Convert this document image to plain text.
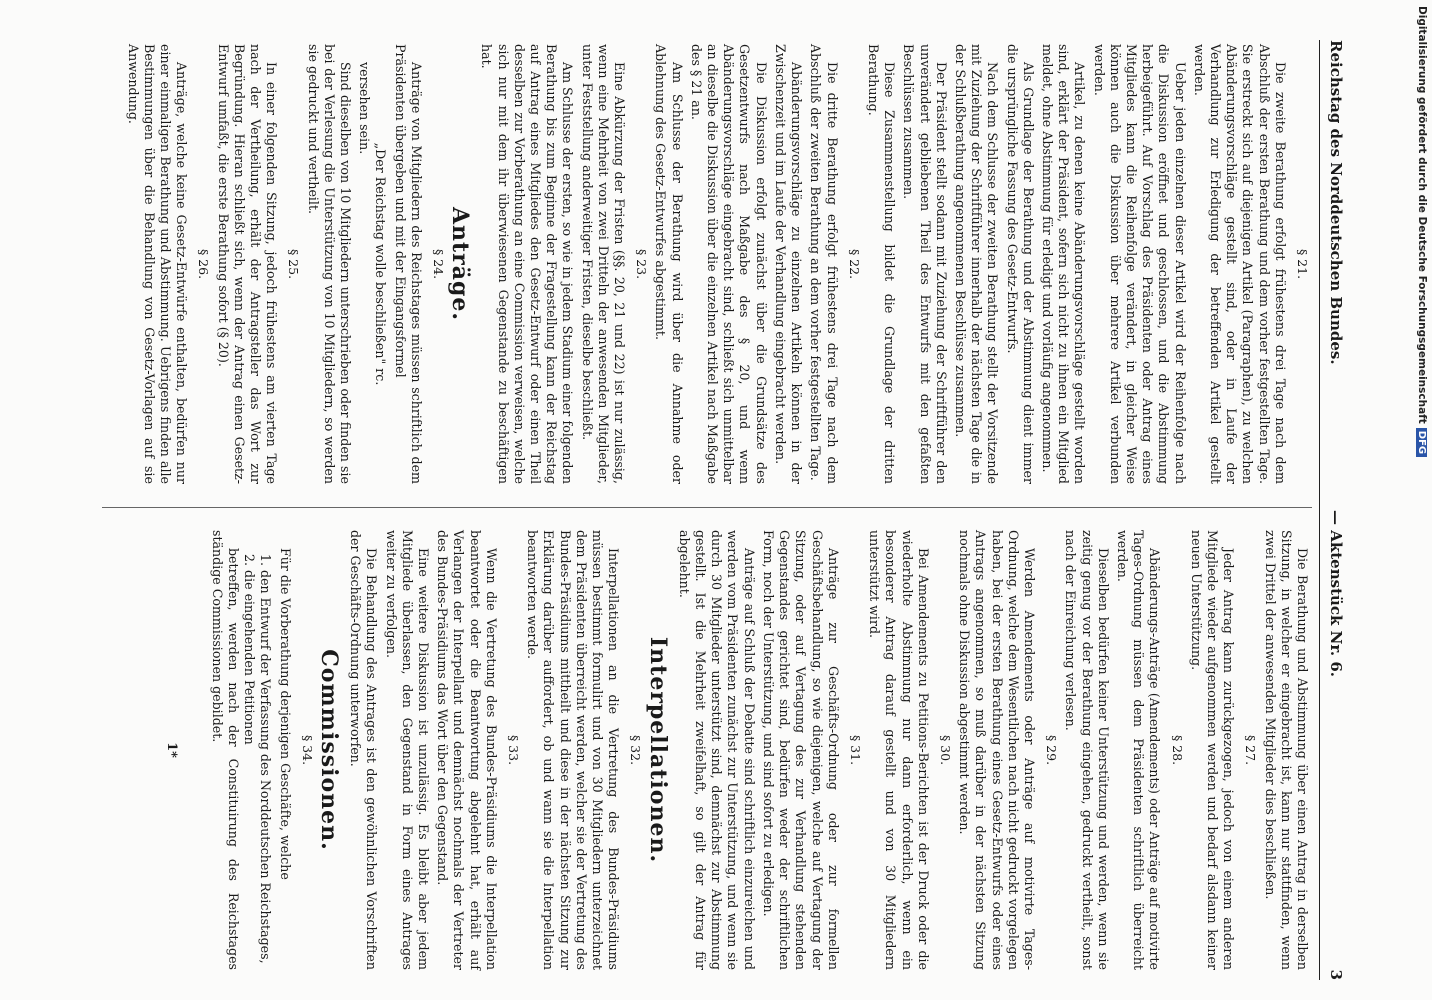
Reichstag des Norddeutschen Bundes.
— Aktenstück Nr. 6.
3
§ 21.
Die zweite Berathung erfolgt frühestens drei Tage nach dem Abschluß der ersten Berathung und dem vorher festgestellten Tage. Sie erstreckt sich auf diejenigen Artikel (Paragraphen), zu welchen Abänderungsvorschläge gestellt sind, oder in Laufe der Verhandlung zur Erledigung der betreffenden Artikel gestellt werden.
Ueber jeden einzelnen dieser Artikel wird der Reihenfolge nach die Diskussion eröffnet und geschlossen, und die Abstimmung herbeigeführt. Auf Vorschlag des Präsidenten oder Antrag eines Mitgliedes kann die Reihenfolge verändert, in gleicher Weise können auch die Diskussion über mehrere Artikel verbunden werden.
Artikel, zu denen keine Abänderungsvorschläge gestellt worden sind, erklärt der Präsident, sofern sich nicht zu ihnen ein Mitglied meldet, ohne Abstimmung für erledigt und vorläufig angenommen.
Als Grundlage der Berathung und der Abstimmung dient immer die ursprüngliche Fassung des Gesetz-Entwurfs.
Nach dem Schlusse der zweiten Berathung stellt der Vorsitzende mit Zuziehung der Schriftführer innerhalb der nächsten Tage die in der Schlußberathung angenommenen Beschlüsse zusammen.
Der Präsident stellt sodann mit Zuziehung der Schriftführer den unverändert gebliebenen Theil des Entwurfs mit den gefaßten Beschlüssen zusammen.
Diese Zusammenstellung bildet die Grundlage der dritten Berathung.
§ 22.
Die dritte Berathung erfolgt frühestens drei Tage nach dem Abschluß der zweiten Berathung an dem vorher festgestellten Tage.
Abänderungsvorschläge zu einzelnen Artikeln können in der Zwischenzeit und im Laufe der Verhandlung eingebracht werden.
Die Diskussion erfolgt zunächst über die Grundsätze des Gesetzentwurfs nach Maßgabe des § 20, und wenn Abänderungsvorschläge eingebracht sind, schließt sich unmittelbar an dieselbe die Diskussion über die einzelnen Artikel nach Maßgabe des § 21 an.
Am Schlusse der Berathung wird über die Annahme oder Ablehnung des Gesetz-Entwurfes abgestimmt.
§ 23.
Eine Abkürzung der Fristen (§§. 20, 21 und 22) ist nur zulässig, wenn eine Mehrheit von zwei Dritteln der anwesenden Mitglieder, unter Feststellung anderweitiger Fristen, dieselbe beschließt.
Am Schlusse der ersten, so wie in jedem Stadium einer folgenden Berathung bis zum Beginne der Fragestellung kann der Reichstag auf Antrag eines Mitgliedes den Gesetz-Entwurf oder einen Theil desselben zur Vorberathung an eine Commission verweisen, welche sich nur mit dem ihr überwiesenen Gegenstande zu beschäftigen hat.
Anträge.
§ 24.
Anträge von Mitgliedern des Reichstages müssen schriftlich dem Präsidenten übergeben und mit der Eingangsformel
„Der Reichstag wolle beschließen" rc.
versehen sein.
Sind dieselben von 10 Mitgliedern unterschrieben oder finden sie bei der Verlesung die Unterstützung von 10 Mitgliedern, so werden sie gedruckt und vertheilt.
§ 25.
In einer folgenden Sitzung, jedoch frühestens am vierten Tage nach der Vertheilung, erhält der Antragsteller das Wort zur Begründung. Hieran schließt sich, wenn der Antrag einen Gesetz-Entwurf umfaßt, die erste Berathung sofort (§ 20).
§ 26.
Anträge, welche keine Gesetz-Entwürfe enthalten, bedürfen nur einer einmaligen Berathung und Abstimmung. Uebrigens finden alle Bestimmungen über die Behandlung von Gesetz-Vorlagen auf sie Anwendung.
Die Berathung und Abstimmung über einen Antrag in derselben Sitzung, in welcher er eingebracht ist, kann nur stattfinden, wenn zwei Drittel der anwesenden Mitglieder dies beschließen.
§ 27.
Jeder Antrag kann zurückgezogen, jedoch von einem anderen Mitgliede wieder aufgenommen werden und bedarf alsdann keiner neuen Unterstützung.
§ 28.
Abänderungs-Anträge (Amendements) oder Anträge auf motivirte Tages-Ordnung müssen dem Präsidenten schriftlich überreicht werden.
Dieselben bedürfen keiner Unterstützung und werden, wenn sie zeitig genug vor der Berathung eingehen, gedruckt vertheilt, sonst nach der Einreichung verlesen.
§ 29.
Werden Amendements oder Anträge auf motivirte Tages-Ordnung, welche dem Wesentlichen nach nicht gedruckt vorgelegen haben, bei der ersten Berathung eines Gesetz-Entwurfs oder eines Antrags angenommen, so muß darüber in der nächsten Sitzung nochmals ohne Diskussion abgestimmt werden.
§ 30.
Bei Amendements zu Petitions-Berichten ist der Druck oder die wiederholte Abstimmung nur dann erforderlich, wenn ein besonderer Antrag darauf gestellt und von 30 Mitgliedern unterstützt wird.
§ 31.
Anträge zur Geschäfts-Ordnung oder zur formellen Geschäftsbehandlung, so wie diejenigen, welche auf Vertagung der Sitzung, oder auf Vertagung des zur Verhandlung stehenden Gegenstandes gerichtet sind, bedürfen weder der schriftlichen Form, noch der Unterstützung, und sind sofort zu erledigen.
Anträge auf Schluß der Debatte sind schriftlich einzureichen und werden vom Präsidenten zunächst zur Unterstützung, und wenn sie durch 30 Mitglieder unterstützt sind, demnächst zur Abstimmung gestellt. Ist die Mehrheit zweifelhaft, so gilt der Antrag für abgelehnt.
Interpellationen.
§ 32.
Interpellationen an die Vertretung des Bundes-Präsidiums müssen bestimmt formulirt und von 30 Mitgliedern unterzeichnet dem Präsidenten überreicht werden, welcher sie der Vertretung des Bundes-Präsidiums mittheilt und diese in der nächsten Sitzung zur Erklärung darüber auffordert, ob und wann sie die Interpellation beantworten werde.
§ 33.
Wenn die Vertretung des Bundes-Präsidiums die Interpellation beantwortet oder die Beantwortung abgelehnt hat, erhält auf Verlangen der Interpellant und demnächst nochmals der Vertreter des Bundes-Präsidiums das Wort über den Gegenstand.
Eine weitere Diskussion ist unzulässig. Es bleibt aber jedem Mitgliede überlassen, den Gegenstand in Form eines Antrages weiter zu verfolgen.
Die Behandlung des Antrages ist den gewöhnlichen Vorschriften der Geschäfts-Ordnung unterworfen.
Commissionen.
§ 34.
Für die Vorberathung derjenigen Geschäfte, welche
1. den Entwurf der Verfassung des Norddeutschen Reichstages,
2. die eingehenden Petitionen
betreffen, werden nach der Constituirung des Reichstages ständige Commissionen gebildet.
1*
Digitalisierung gefördert durch die Deutsche ForschungsgemeinschaftDFG
